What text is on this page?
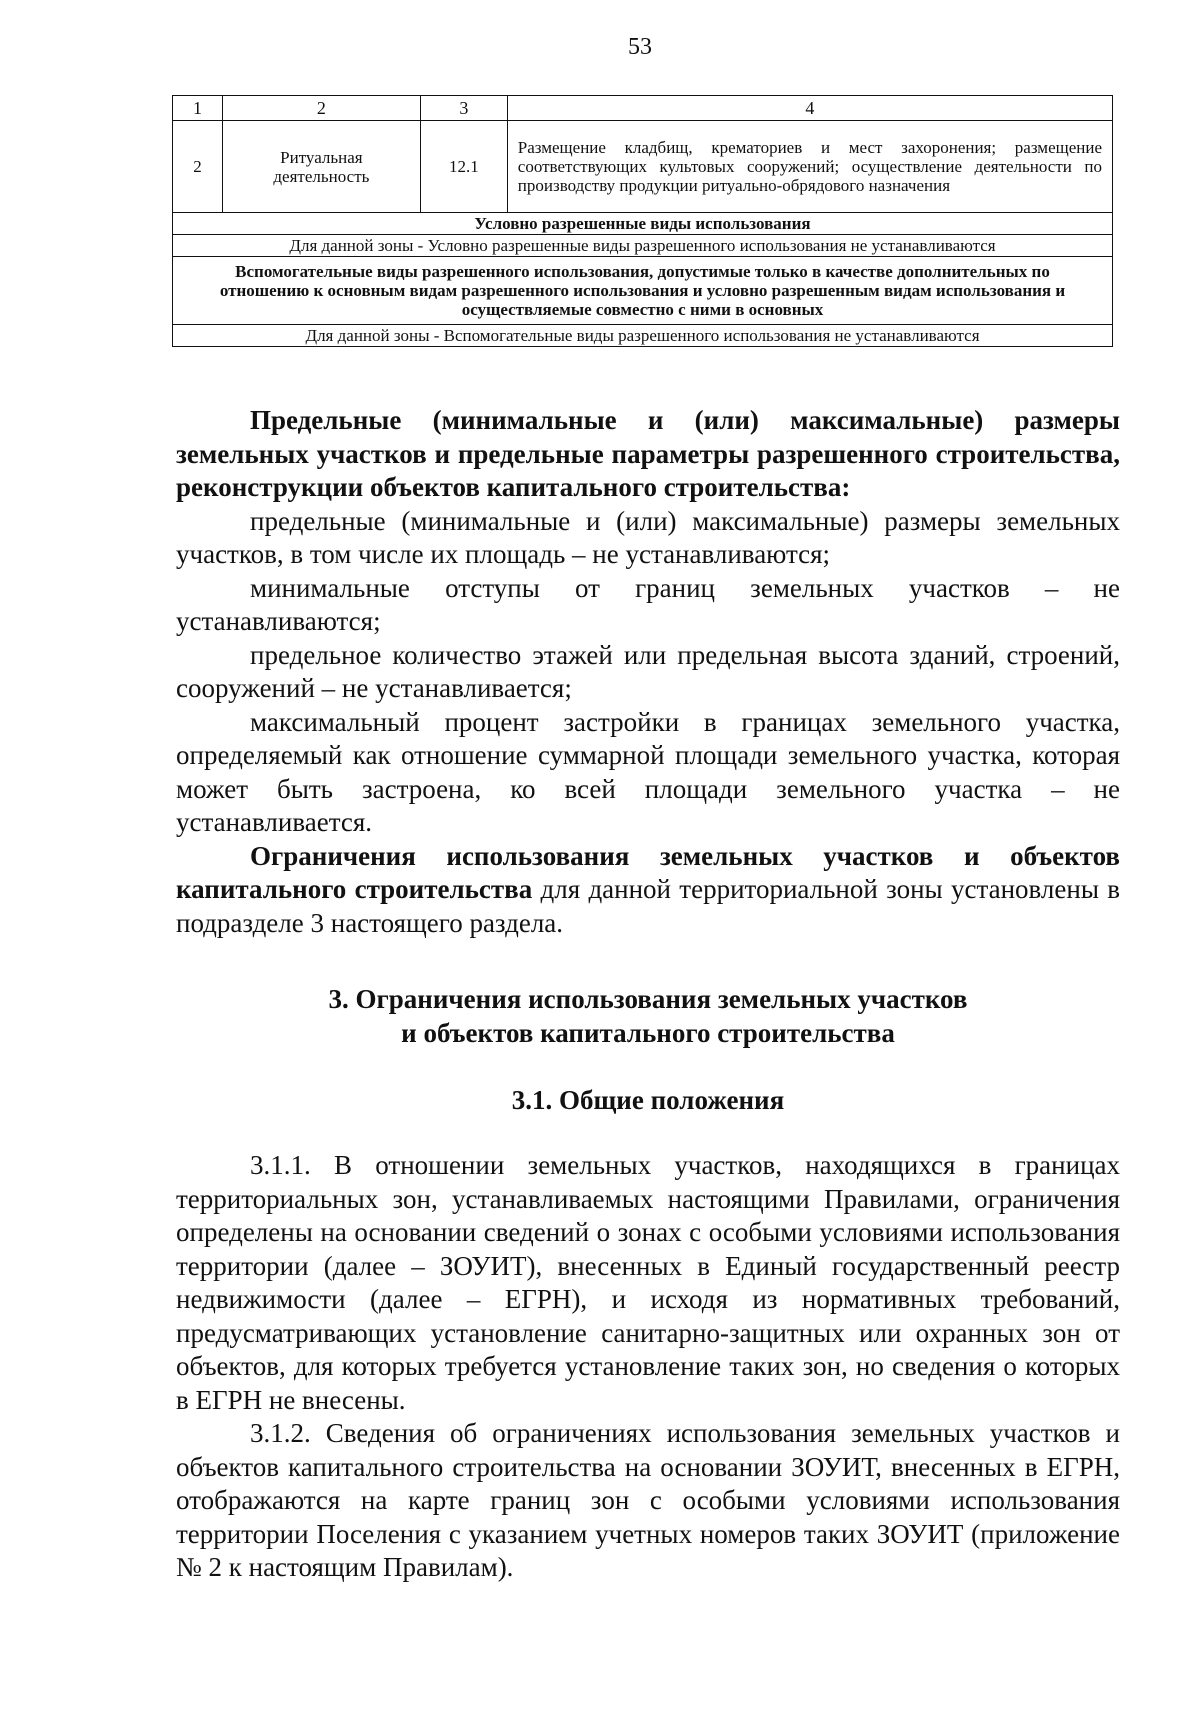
53
1	2	3	4
2	Ритуальная деятельность	12.1	Размещение кладбищ, крематориев и мест захоронения; размещение соответствующих культовых сооружений; осуществление деятельности по производству продукции ритуально-обрядового назначения
Условно разрешенные виды использования			
Для данной зоны - Условно разрешенные виды разрешенного использования не устанавливаются			
Вспомогательные виды разрешенного использования, допустимые только в качестве дополнительных по отношению к основным видам разрешенного использования и условно разрешенным видам использования и осуществляемые совместно с ними в основных			
Для данной зоны - Вспомогательные виды разрешенного использования не устанавливаются			

Предельные (минимальные и (или) максимальные) размеры земельных участков и предельные параметры разрешенного строительства, реконструкции объектов капитального строительства:

предельные (минимальные и (или) максимальные) размеры земельных участков, в том числе их площадь – не устанавливаются;

минимальные отступы от границ земельных участков – не устанавливаются;

предельное количество этажей или предельная высота зданий, строений, сооружений – не устанавливается;

максимальный процент застройки в границах земельного участка, определяемый как отношение суммарной площади земельного участка, которая может быть застроена, ко всей площади земельного участка – не устанавливается.

Ограничения использования земельных участков и объектов капитального строительства для данной территориальной зоны установлены в подразделе 3 настоящего раздела.

3. Ограничения использования земельных участков
и объектов капитального строительства
3.1. Общие положения

3.1.1. В отношении земельных участков, находящихся в границах территориальных зон, устанавливаемых настоящими Правилами, ограничения определены на основании сведений о зонах с особыми условиями использования территории (далее – ЗОУИТ), внесенных в Единый государственный реестр недвижимости (далее – ЕГРН), и исходя из нормативных требований, предусматривающих установление санитарно-защитных или охранных зон от объектов, для которых требуется установление таких зон, но сведения о которых в ЕГРН не внесены.

3.1.2. Сведения об ограничениях использования земельных участков и объектов капитального строительства на основании ЗОУИТ, внесенных в ЕГРН, отображаются на карте границ зон с особыми условиями использования территории Поселения с указанием учетных номеров таких ЗОУИТ (приложение № 2 к настоящим Правилам).
